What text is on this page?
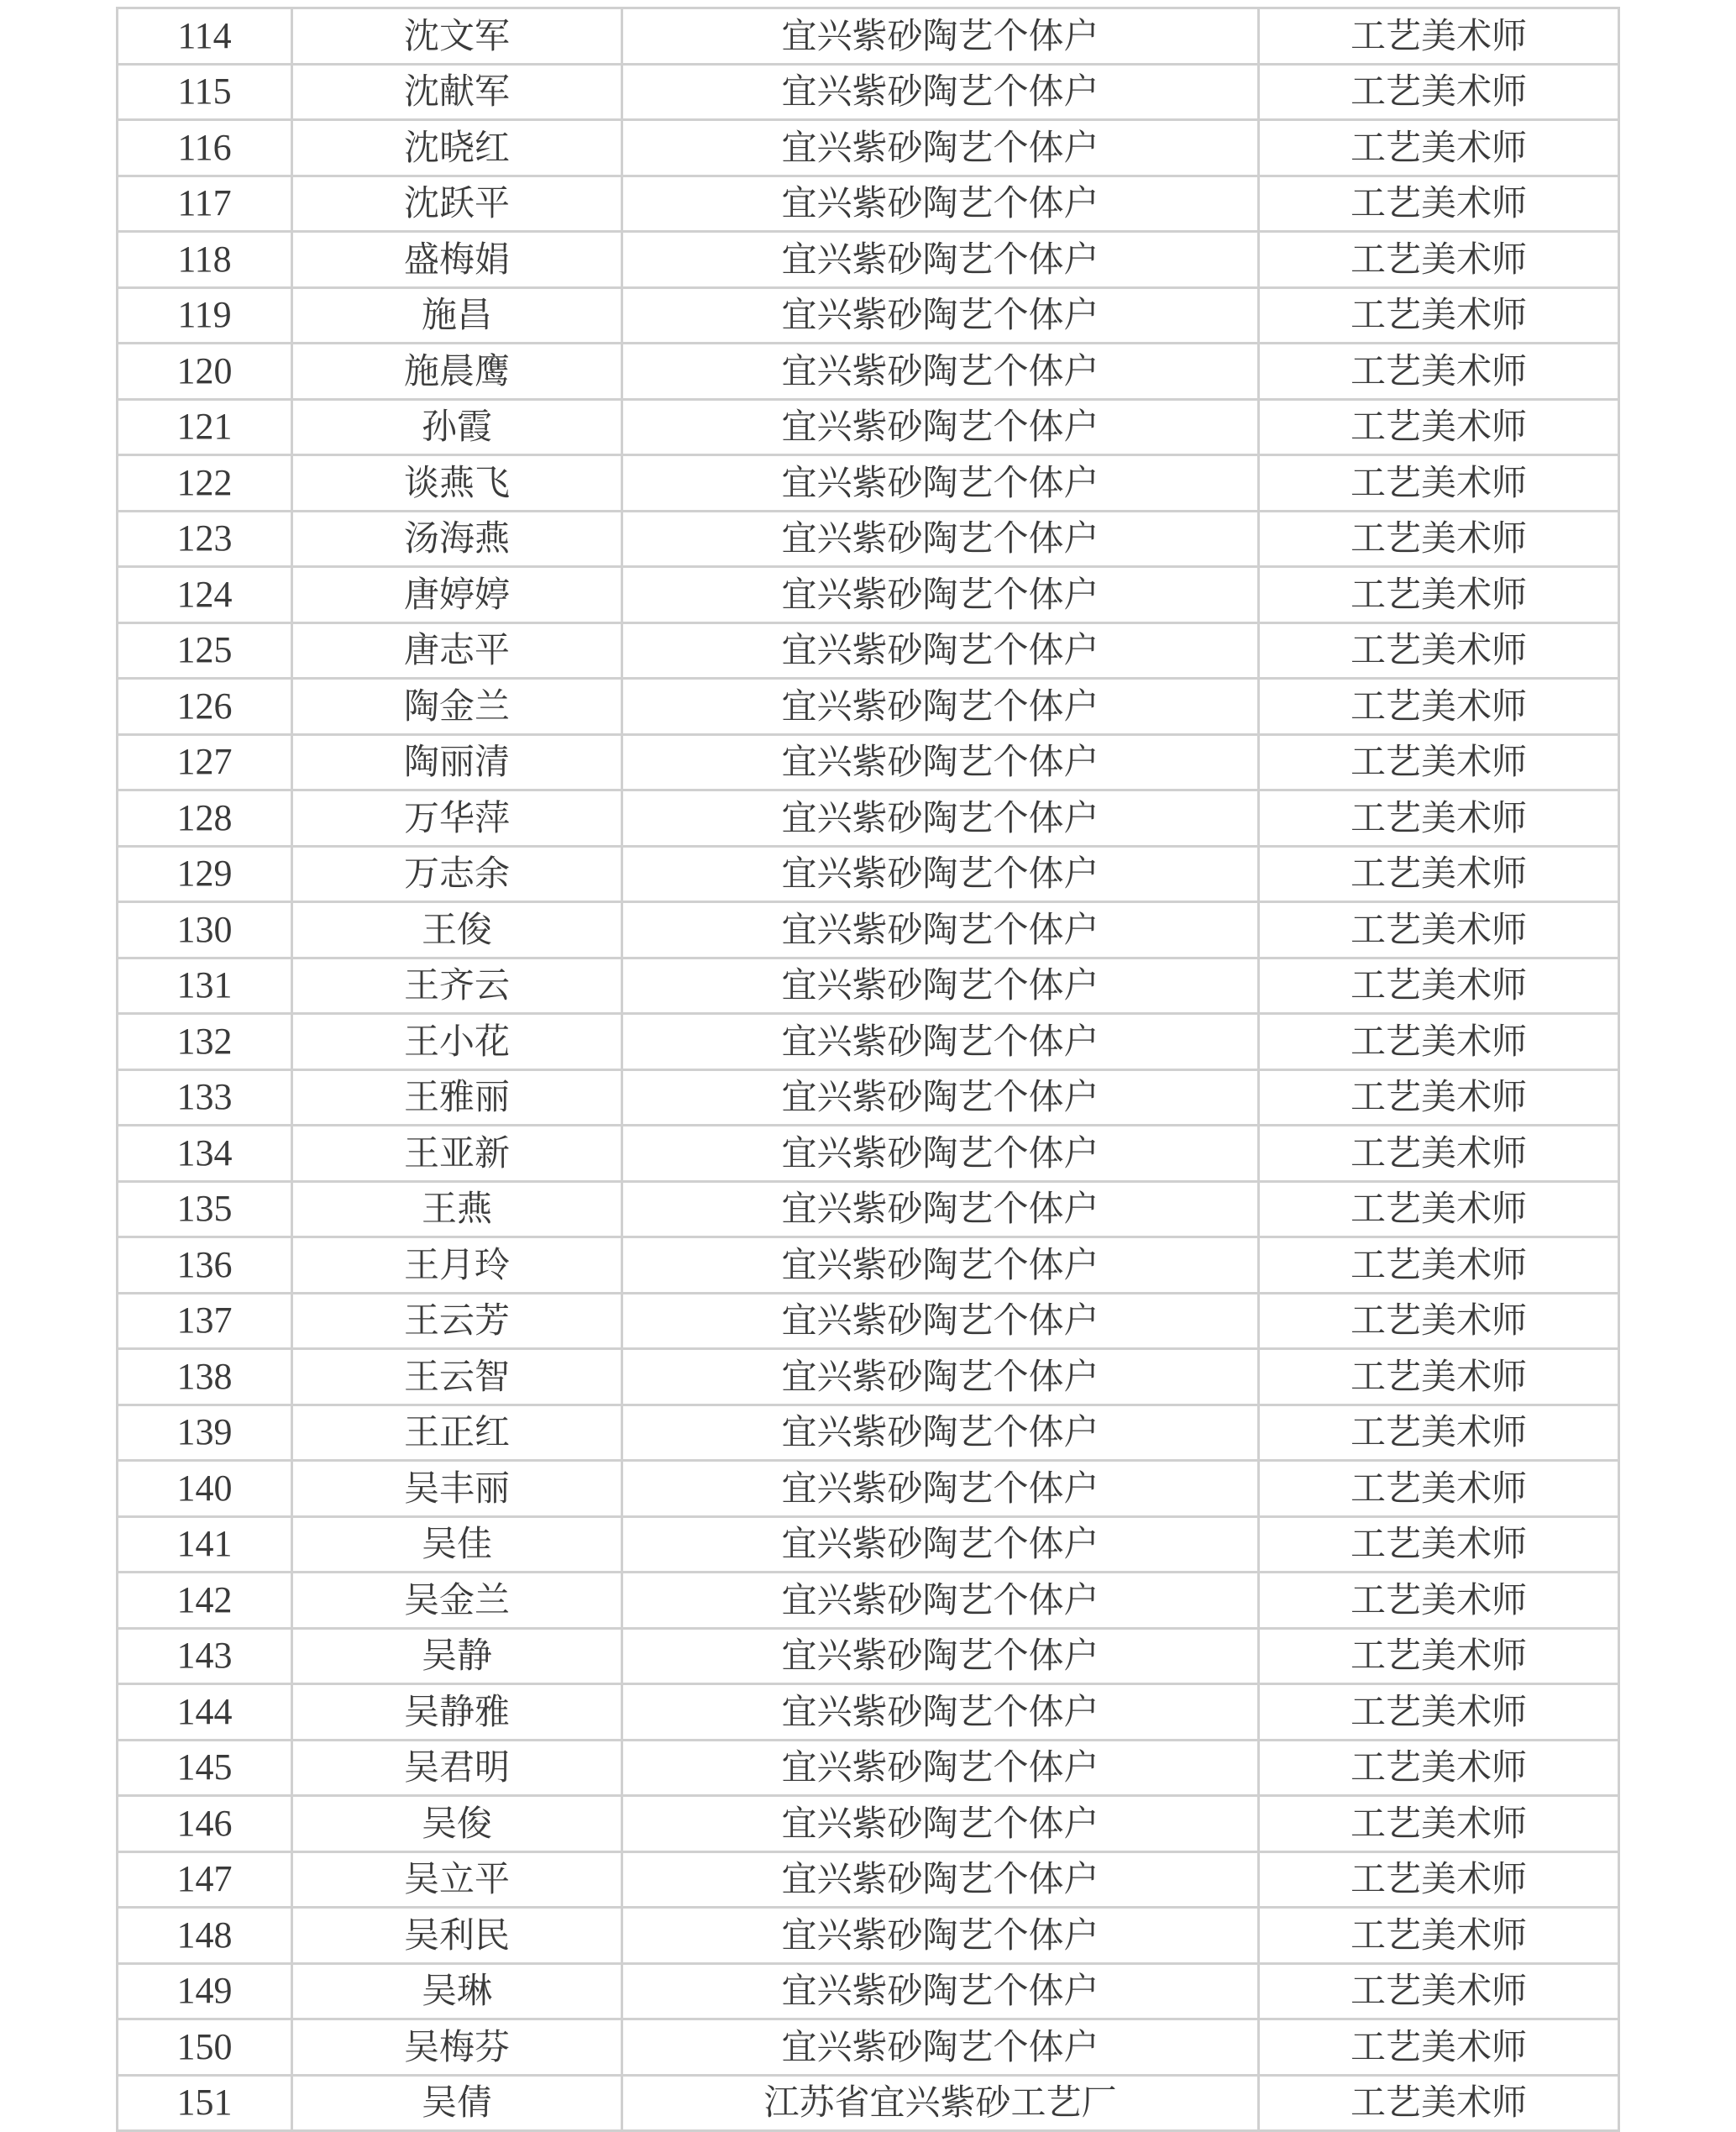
114	沈文军	宜兴紫砂陶艺个体户	工艺美术师
115	沈献军	宜兴紫砂陶艺个体户	工艺美术师
116	沈晓红	宜兴紫砂陶艺个体户	工艺美术师
117	沈跃平	宜兴紫砂陶艺个体户	工艺美术师
118	盛梅娟	宜兴紫砂陶艺个体户	工艺美术师
119	施昌	宜兴紫砂陶艺个体户	工艺美术师
120	施晨鹰	宜兴紫砂陶艺个体户	工艺美术师
121	孙霞	宜兴紫砂陶艺个体户	工艺美术师
122	谈燕飞	宜兴紫砂陶艺个体户	工艺美术师
123	汤海燕	宜兴紫砂陶艺个体户	工艺美术师
124	唐婷婷	宜兴紫砂陶艺个体户	工艺美术师
125	唐志平	宜兴紫砂陶艺个体户	工艺美术师
126	陶金兰	宜兴紫砂陶艺个体户	工艺美术师
127	陶丽清	宜兴紫砂陶艺个体户	工艺美术师
128	万华萍	宜兴紫砂陶艺个体户	工艺美术师
129	万志余	宜兴紫砂陶艺个体户	工艺美术师
130	王俊	宜兴紫砂陶艺个体户	工艺美术师
131	王齐云	宜兴紫砂陶艺个体户	工艺美术师
132	王小花	宜兴紫砂陶艺个体户	工艺美术师
133	王雅丽	宜兴紫砂陶艺个体户	工艺美术师
134	王亚新	宜兴紫砂陶艺个体户	工艺美术师
135	王燕	宜兴紫砂陶艺个体户	工艺美术师
136	王月玲	宜兴紫砂陶艺个体户	工艺美术师
137	王云芳	宜兴紫砂陶艺个体户	工艺美术师
138	王云智	宜兴紫砂陶艺个体户	工艺美术师
139	王正红	宜兴紫砂陶艺个体户	工艺美术师
140	吴丰丽	宜兴紫砂陶艺个体户	工艺美术师
141	吴佳	宜兴紫砂陶艺个体户	工艺美术师
142	吴金兰	宜兴紫砂陶艺个体户	工艺美术师
143	吴静	宜兴紫砂陶艺个体户	工艺美术师
144	吴静雅	宜兴紫砂陶艺个体户	工艺美术师
145	吴君明	宜兴紫砂陶艺个体户	工艺美术师
146	吴俊	宜兴紫砂陶艺个体户	工艺美术师
147	吴立平	宜兴紫砂陶艺个体户	工艺美术师
148	吴利民	宜兴紫砂陶艺个体户	工艺美术师
149	吴琳	宜兴紫砂陶艺个体户	工艺美术师
150	吴梅芬	宜兴紫砂陶艺个体户	工艺美术师
151	吴倩	江苏省宜兴紫砂工艺厂	工艺美术师
